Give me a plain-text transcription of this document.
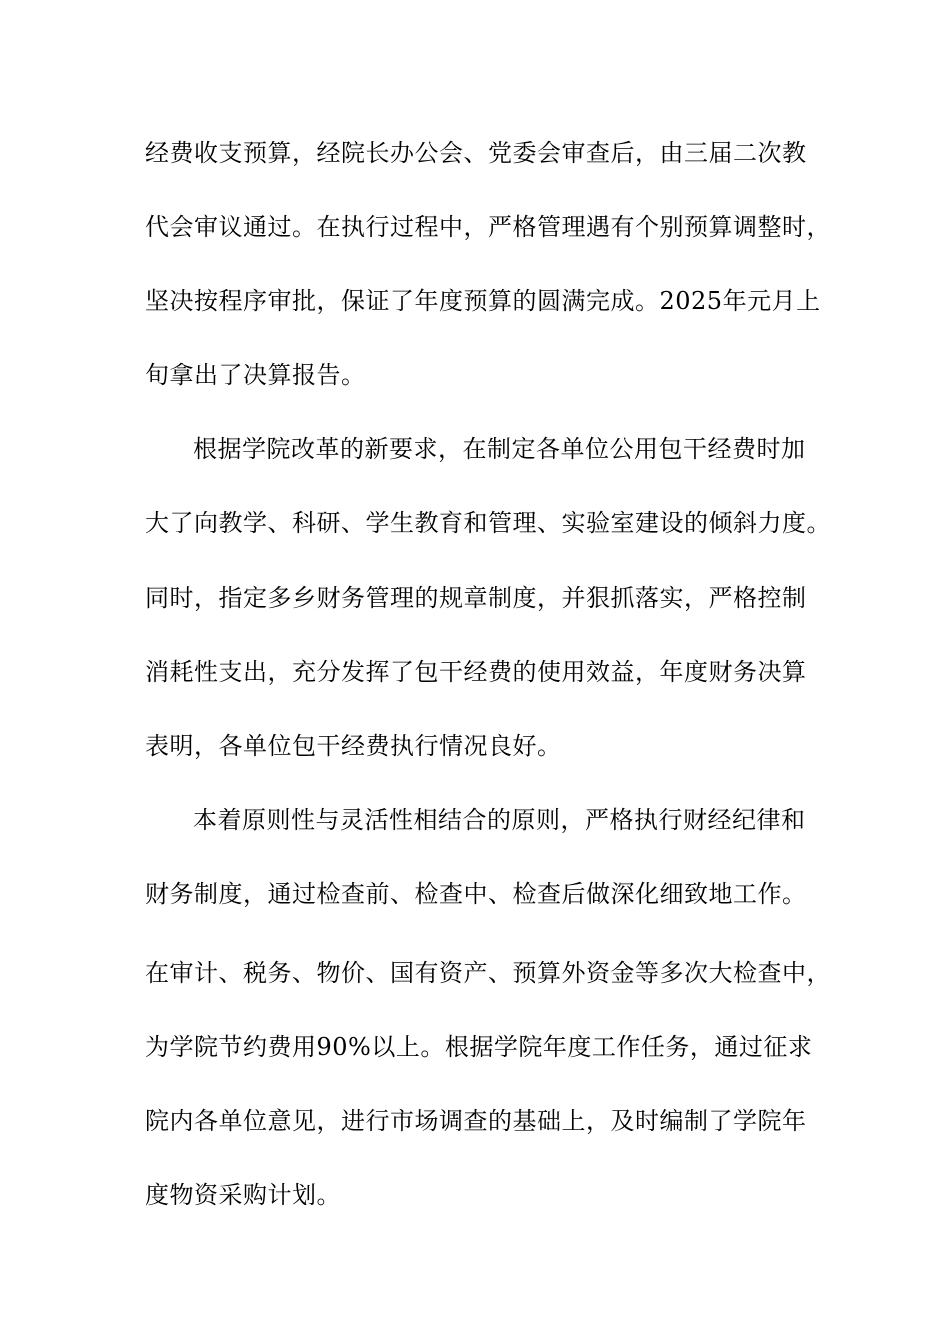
经费收支预算，经院长办公会、党委会审查后，由三届二次教
代会审议通过。在执行过程中，严格管理遇有个别预算调整时，
坚决按程序审批，保证了年度预算的圆满完成。2025年元月上
旬拿出了决算报告。
根据学院改革的新要求，在制定各单位公用包干经费时加
大了向教学、科研、学生教育和管理、实验室建设的倾斜力度。
同时，指定多乡财务管理的规章制度，并狠抓落实，严格控制
消耗性支出，充分发挥了包干经费的使用效益，年度财务决算
表明，各单位包干经费执行情况良好。
本着原则性与灵活性相结合的原则，严格执行财经纪律和
财务制度，通过检查前、检查中、检查后做深化细致地工作。
在审计、税务、物价、国有资产、预算外资金等多次大检查中，
为学院节约费用90%以上。根据学院年度工作任务，通过征求
院内各单位意见，进行市场调查的基础上，及时编制了学院年
度物资采购计划。
